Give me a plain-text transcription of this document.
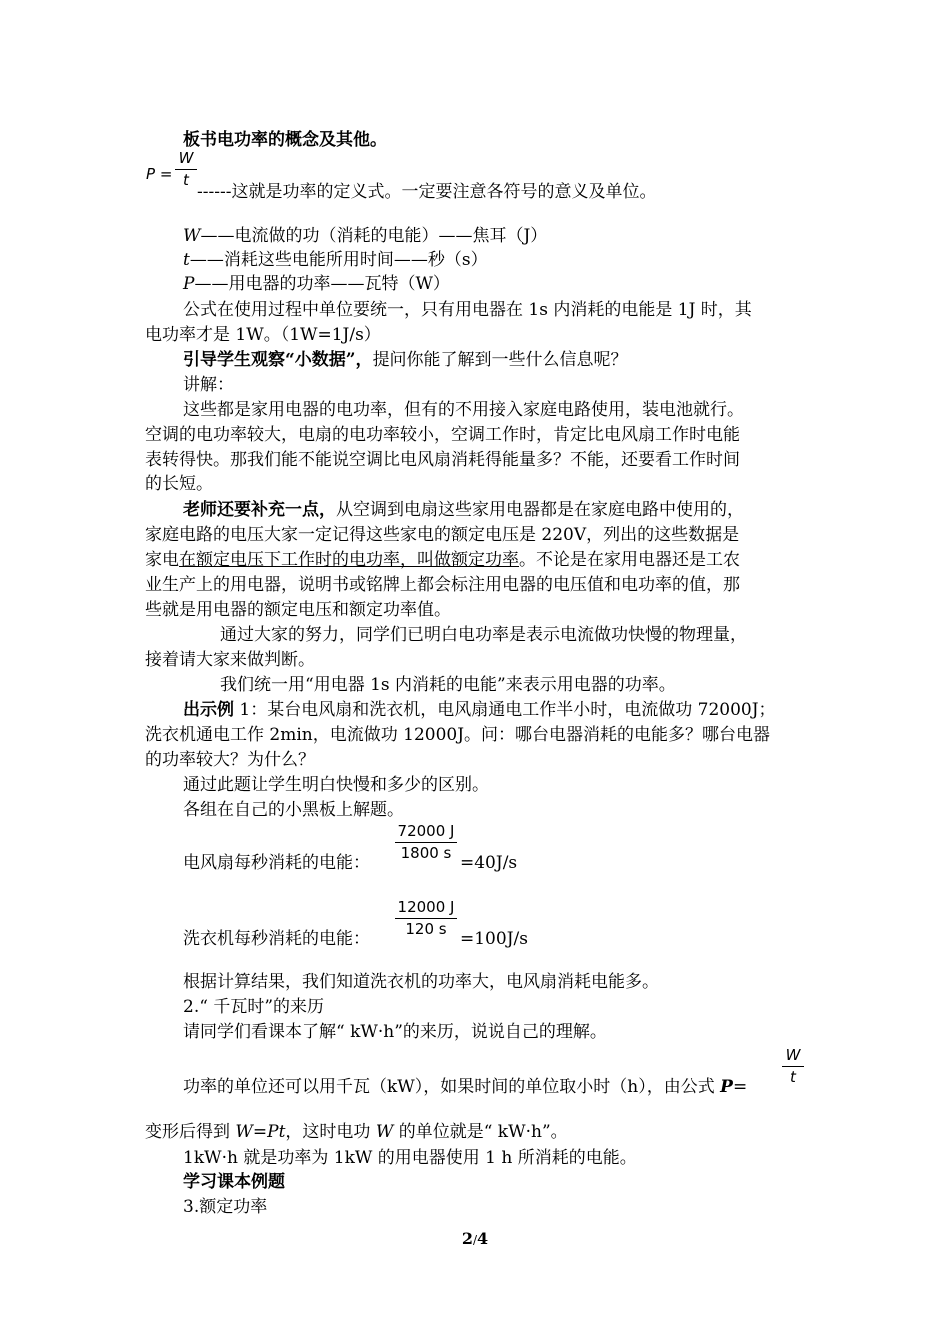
板书电功率的概念及其他。
$P = \frac{W}{t}$
------这就是功率的定义式。一定要注意各符号的意义及单位。
W——电流做的功（消耗的电能）——焦耳（J）
t——消耗这些电能所用时间——秒（s）
P——用电器的功率——瓦特（W）
公式在使用过程中单位要统一，只有用电器在 1s 内消耗的电能是 1J 时，其
电功率才是 1W。（1W=1J/s）
引导学生观察“小数据”，提问你能了解到一些什么信息呢？
讲解：
这些都是家用电器的电功率，但有的不用接入家庭电路使用，装电池就行。
空调的电功率较大，电扇的电功率较小，空调工作时，肯定比电风扇工作时电能
表转得快。那我们能不能说空调比电风扇消耗得能量多？不能，还要看工作时间
的长短。
老师还要补充一点，从空调到电扇这些家用电器都是在家庭电路中使用的，
家庭电路的电压大家一定记得这些家电的额定电压是 220V，列出的这些数据是
家电在额定电压下工作时的电功率，叫做额定功率。不论是在家用电器还是工农
业生产上的用电器，说明书或铭牌上都会标注用电器的电压值和电功率的值，那
些就是用电器的额定电压和额定功率值。
通过大家的努力，同学们已明白电功率是表示电流做功快慢的物理量，
接着请大家来做判断。
我们统一用“用电器 1s 内消耗的电能”来表示用电器的功率。
出示例 1：某台电风扇和洗衣机，电风扇通电工作半小时，电流做功 72000J；
洗衣机通电工作 2min，电流做功 12000J。问：哪台电器消耗的电能多？哪台电器
的功率较大？为什么？
通过此题让学生明白快慢和多少的区别。
各组在自己的小黑板上解题。
电风扇每秒消耗的电能：
$\frac{72000 J}{1800 s}$
=40J/s
洗衣机每秒消耗的电能：
$\frac{12000 J}{120 s}$
=100J/s
根据计算结果，我们知道洗衣机的功率大，电风扇消耗电能多。
2.“ 千瓦时”的来历
请同学们看课本了解“ kW·h”的来历，说说自己的理解。
功率的单位还可以用千瓦（kW），如果时间的单位取小时（h），由公式 P=
$\frac{W}{t}$
变形后得到 W=Pt，这时电功 W 的单位就是“ kW·h”。
1kW·h 就是功率为 1kW 的用电器使用 1 h 所消耗的电能。
学习课本例题
3.额定功率
2/4
